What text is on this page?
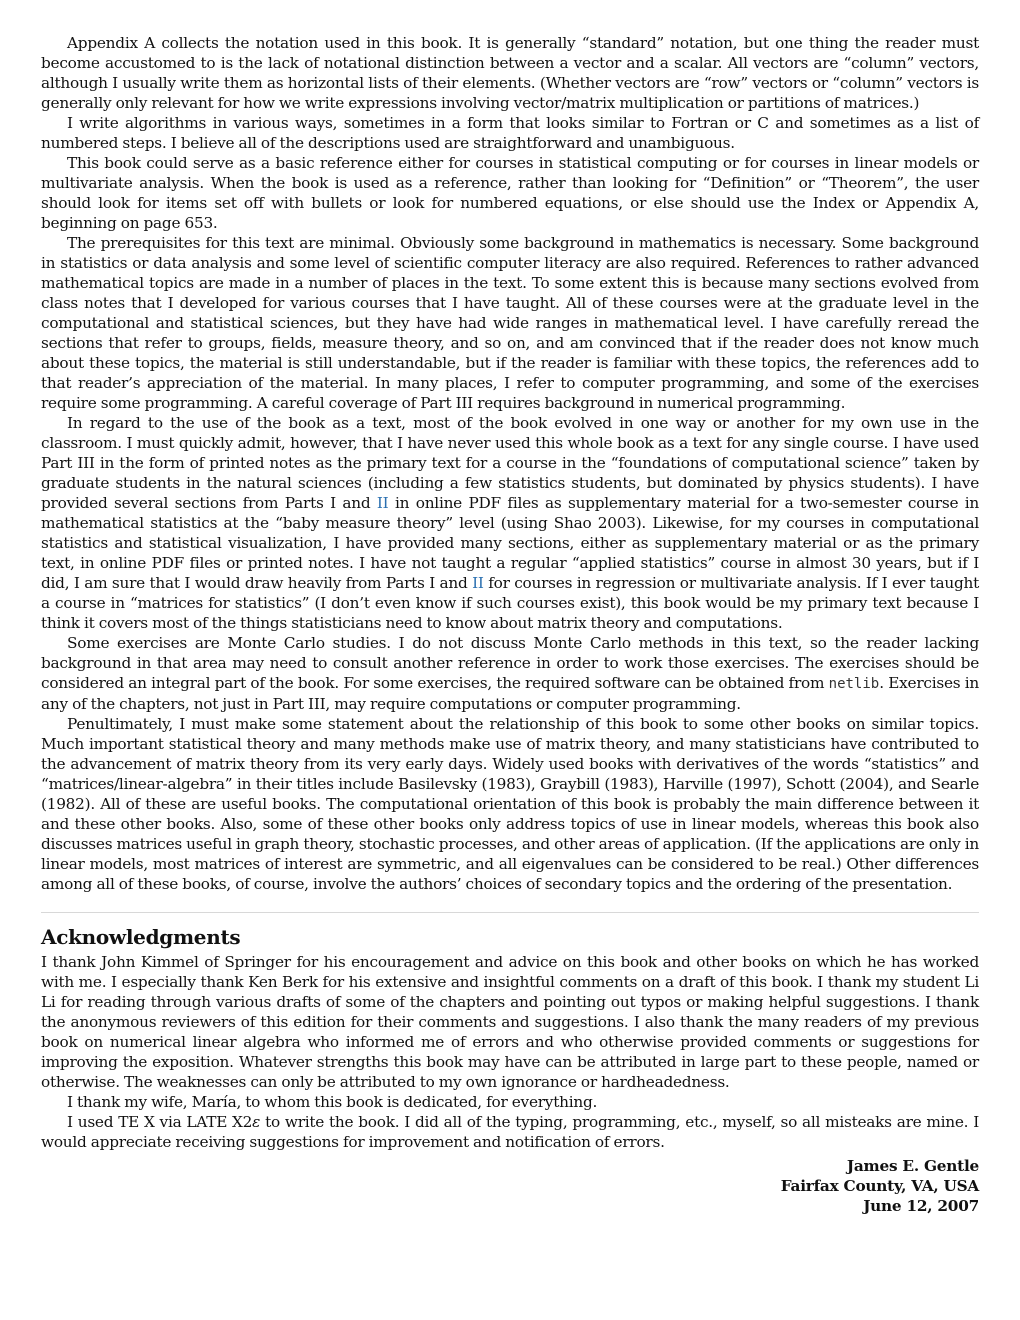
Appendix A collects the notation used in this book. It is generally “standard” notation, but one thing the reader must become accustomed to is the lack of notational distinction between a vector and a scalar. All vectors are “column” vectors, although I usually write them as horizontal lists of their elements. (Whether vectors are “row” vectors or “column” vectors is generally only relevant for how we write expressions involving vector/matrix multiplication or partitions of matrices.)

I write algorithms in various ways, sometimes in a form that looks similar to Fortran or C and sometimes as a list of numbered steps. I believe all of the descriptions used are straightforward and unambiguous.

This book could serve as a basic reference either for courses in statistical computing or for courses in linear models or multivariate analysis. When the book is used as a reference, rather than looking for “Definition” or “Theorem”, the user should look for items set off with bullets or look for numbered equations, or else should use the Index or Appendix A, beginning on page 653.

The prerequisites for this text are minimal. Obviously some background in mathematics is necessary. Some background in statistics or data analysis and some level of scientific computer literacy are also required. References to rather advanced mathematical topics are made in a number of places in the text. To some extent this is because many sections evolved from class notes that I developed for various courses that I have taught. All of these courses were at the graduate level in the computational and statistical sciences, but they have had wide ranges in mathematical level. I have carefully reread the sections that refer to groups, fields, measure theory, and so on, and am convinced that if the reader does not know much about these topics, the material is still understandable, but if the reader is familiar with these topics, the references add to that reader’s appreciation of the material. In many places, I refer to computer programming, and some of the exercises require some programming. A careful coverage of Part III requires background in numerical programming.

In regard to the use of the book as a text, most of the book evolved in one way or another for my own use in the classroom. I must quickly admit, however, that I have never used this whole book as a text for any single course. I have used Part III in the form of printed notes as the primary text for a course in the “foundations of computational science” taken by graduate students in the natural sciences (including a few statistics students, but dominated by physics students). I have provided several sections from Parts I and II in online PDF files as supplementary material for a two-semester course in mathematical statistics at the “baby measure theory” level (using Shao 2003). Likewise, for my courses in computational statistics and statistical visualization, I have provided many sections, either as supplementary material or as the primary text, in online PDF files or printed notes. I have not taught a regular “applied statistics” course in almost 30 years, but if I did, I am sure that I would draw heavily from Parts I and II for courses in regression or multivariate analysis. If I ever taught a course in “matrices for statistics” (I don’t even know if such courses exist), this book would be my primary text because I think it covers most of the things statisticians need to know about matrix theory and computations.

Some exercises are Monte Carlo studies. I do not discuss Monte Carlo methods in this text, so the reader lacking background in that area may need to consult another reference in order to work those exercises. The exercises should be considered an integral part of the book. For some exercises, the required software can be obtained from netlib. Exercises in any of the chapters, not just in Part III, may require computations or computer programming.

Penultimately, I must make some statement about the relationship of this book to some other books on similar topics. Much important statistical theory and many methods make use of matrix theory, and many statisticians have contributed to the advancement of matrix theory from its very early days. Widely used books with derivatives of the words “statistics” and “matrices/linear-algebra” in their titles include Basilevsky (1983), Graybill (1983), Harville (1997), Schott (2004), and Searle (1982). All of these are useful books. The computational orientation of this book is probably the main difference between it and these other books. Also, some of these other books only address topics of use in linear models, whereas this book also discusses matrices useful in graph theory, stochastic processes, and other areas of application. (If the applications are only in linear models, most matrices of interest are symmetric, and all eigenvalues can be considered to be real.) Other differences among all of these books, of course, involve the authors’ choices of secondary topics and the ordering of the presentation.

Acknowledgments

I thank John Kimmel of Springer for his encouragement and advice on this book and other books on which he has worked with me. I especially thank Ken Berk for his extensive and insightful comments on a draft of this book. I thank my student Li Li for reading through various drafts of some of the chapters and pointing out typos or making helpful suggestions. I thank the anonymous reviewers of this edition for their comments and suggestions. I also thank the many readers of my previous book on numerical linear algebra who informed me of errors and who otherwise provided comments or suggestions for improving the exposition. Whatever strengths this book may have can be attributed in large part to these people, named or otherwise. The weaknesses can only be attributed to my own ignorance or hardheadedness.

I thank my wife, María, to whom this book is dedicated, for everything.

I used TE X via LATE X2ε to write the book. I did all of the typing, programming, etc., myself, so all misteaks are mine. I would appreciate receiving suggestions for improvement and notification of errors.

James E. Gentle
Fairfax County, VA, USA
June 12, 2007
